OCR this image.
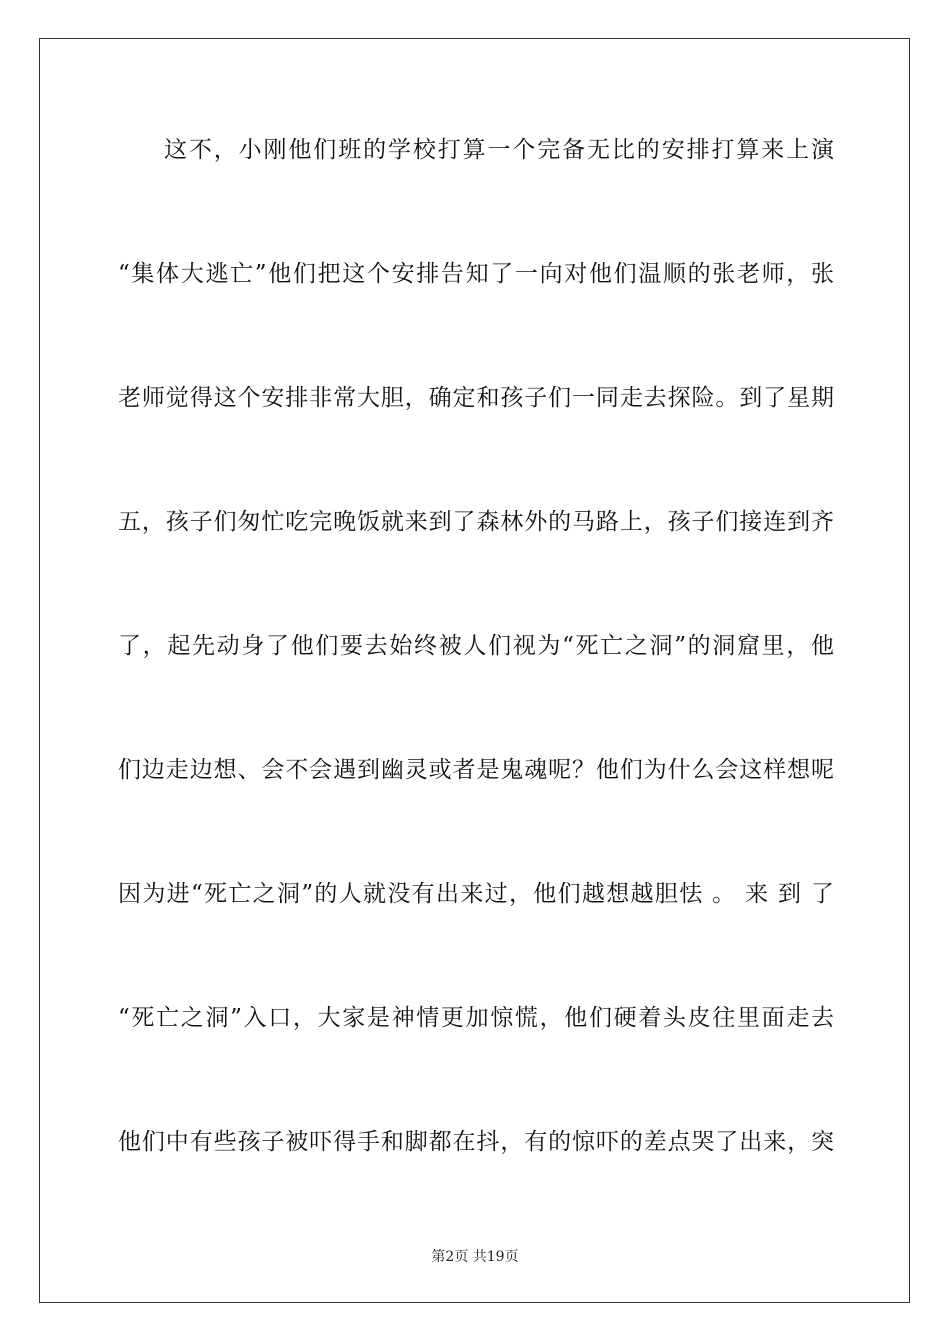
这不，小刚他们班的学校打算一个完备无比的安排打算来上演
“集体大逃亡”他们把这个安排告知了一向对他们温顺的张老师，张
老师觉得这个安排非常大胆，确定和孩子们一同走去探险。到了星期
五，孩子们匆忙吃完晚饭就来到了森林外的马路上，孩子们接连到齐
了，起先动身了他们要去始终被人们视为“死亡之洞”的洞窟里，他
们边走边想、会不会遇到幽灵或者是鬼魂呢？他们为什么会这样想呢
因为进“死亡之洞”的人就没有出来过，他们越想越胆怯 。 来 到 了
“死亡之洞”入口，大家是神情更加惊慌，他们硬着头皮往里面走去
他们中有些孩子被吓得手和脚都在抖，有的惊吓的差点哭了出来，突
第2页 共19页
